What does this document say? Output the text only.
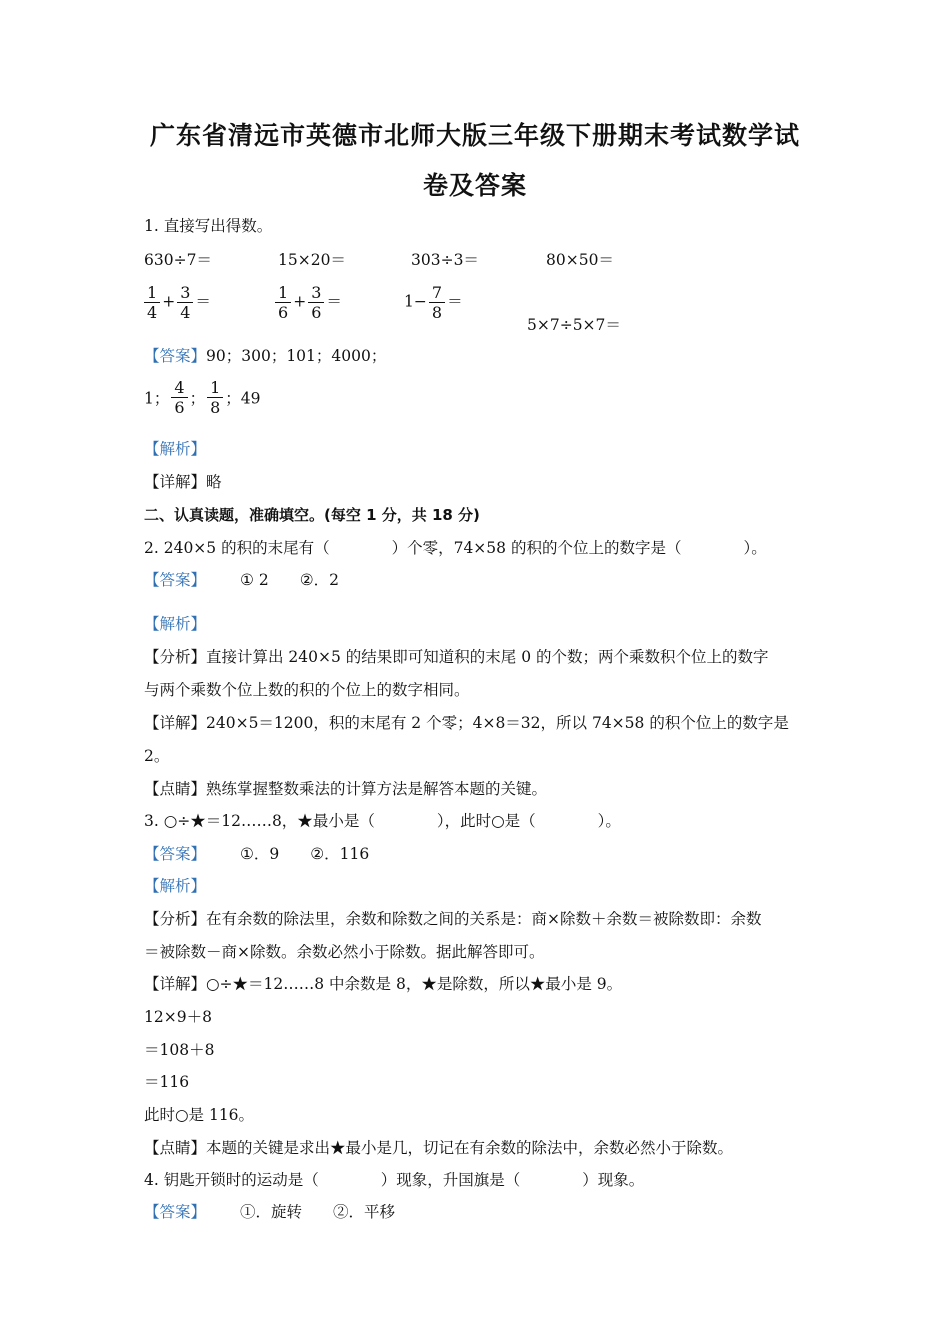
广东省清远市英德市北师大版三年级下册期末考试数学试
卷及答案
1. 直接写出得数。
630÷7＝	15×20＝	303÷3＝	80×50＝
$\frac{1}{4} + \frac{3}{4}$ ＝	$\frac{1}{6} + \frac{3}{6}$ ＝	$1- \frac{7}{8}$ ＝
5×7÷5×7＝
【答案】90；300；101；4000；
1； $\frac{4}{6}$ ； $\frac{1}{8}$ ；49
【解析】
【详解】略
二、认真读题，准确填空。(每空 1 分，共 18 分)
2. 240×5 的积的末尾有（　　　　）个零，74×58 的积的个位上的数字是（　　　　）。
【答案】 ① 2　　②．2
【解析】
【分析】直接计算出 240×5 的结果即可知道积的末尾 0 的个数；两个乘数积个位上的数字
与两个乘数个位上数的积的个位上的数字相同。
【详解】240×5＝1200，积的末尾有 2 个零；4×8＝32，所以 74×58 的积个位上的数字是
2。
【点睛】熟练掌握整数乘法的计算方法是解答本题的关键。
3. ○÷★＝12……8，★最小是（　　　　），此时○是（　　　　）。
【答案】 ①．9　　②．116
【解析】
【分析】在有余数的除法里，余数和除数之间的关系是：商×除数＋余数＝被除数即：余数
＝被除数－商×除数。余数必然小于除数。据此解答即可。
【详解】○÷★＝12……8 中余数是 8，★是除数，所以★最小是 9。
12×9＋8
＝108＋8
＝116
此时○是 116。
【点睛】本题的关键是求出★最小是几，切记在有余数的除法中，余数必然小于除数。
4. 钥匙开锁时的运动是（　　　　）现象，升国旗是（　　　　）现象。
【答案】 ①．旋转　　②．平移
